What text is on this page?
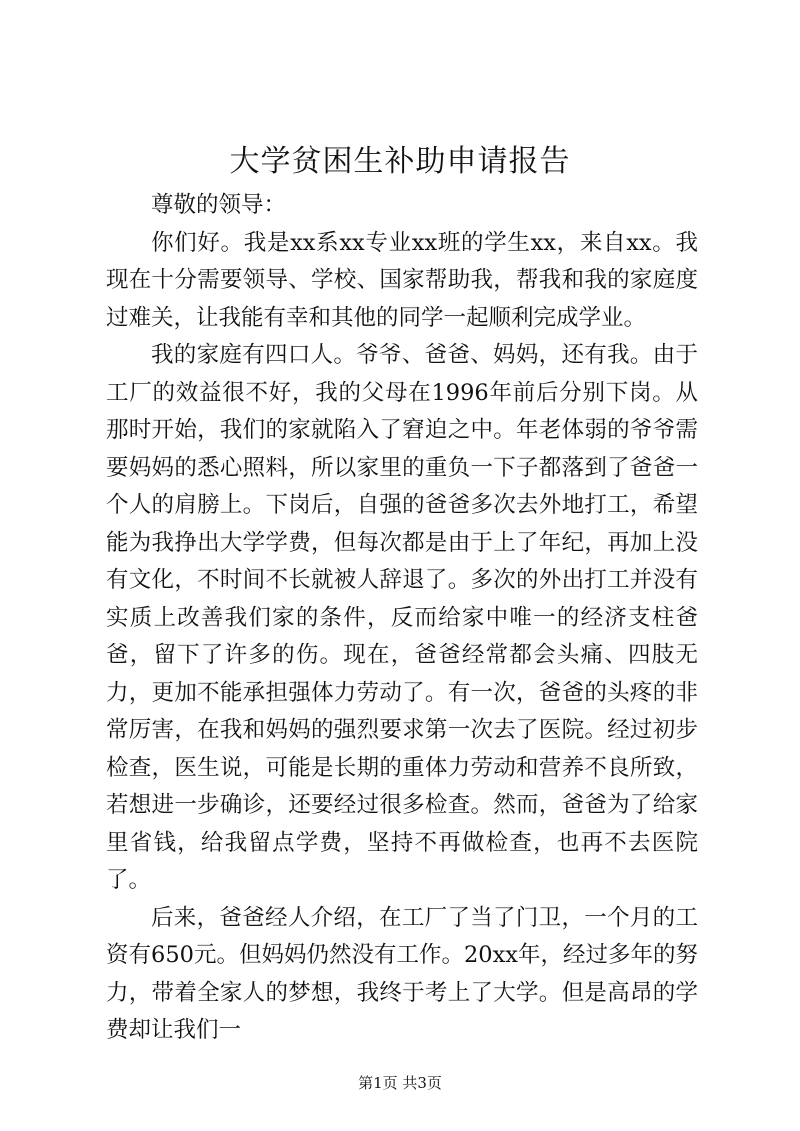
大学贫困生补助申请报告

尊敬的领导：

你们好。我是xx系xx专业xx班的学生xx，来自xx。我现在十分需要领导、学校、国家帮助我，帮我和我的家庭度过难关，让我能有幸和其他的同学一起顺利完成学业。

我的家庭有四口人。爷爷、爸爸、妈妈，还有我。由于工厂的效益很不好，我的父母在1996年前后分别下岗。从那时开始，我们的家就陷入了窘迫之中。年老体弱的爷爷需要妈妈的悉心照料，所以家里的重负一下子都落到了爸爸一个人的肩膀上。下岗后，自强的爸爸多次去外地打工，希望能为我挣出大学学费，但每次都是由于上了年纪，再加上没有文化，不时间不长就被人辞退了。多次的外出打工并没有实质上改善我们家的条件，反而给家中唯一的经济支柱爸爸，留下了许多的伤。现在，爸爸经常都会头痛、四肢无力，更加不能承担强体力劳动了。有一次，爸爸的头疼的非常厉害，在我和妈妈的强烈要求第一次去了医院。经过初步检查，医生说，可能是长期的重体力劳动和营养不良所致，若想进一步确诊，还要经过很多检查。然而，爸爸为了给家里省钱，给我留点学费，坚持不再做检查，也再不去医院了。

后来，爸爸经人介绍，在工厂了当了门卫，一个月的工资有650元。但妈妈仍然没有工作。20xx年，经过多年的努力，带着全家人的梦想，我终于考上了大学。但是高昂的学费却让我们一

第1页 共3页
